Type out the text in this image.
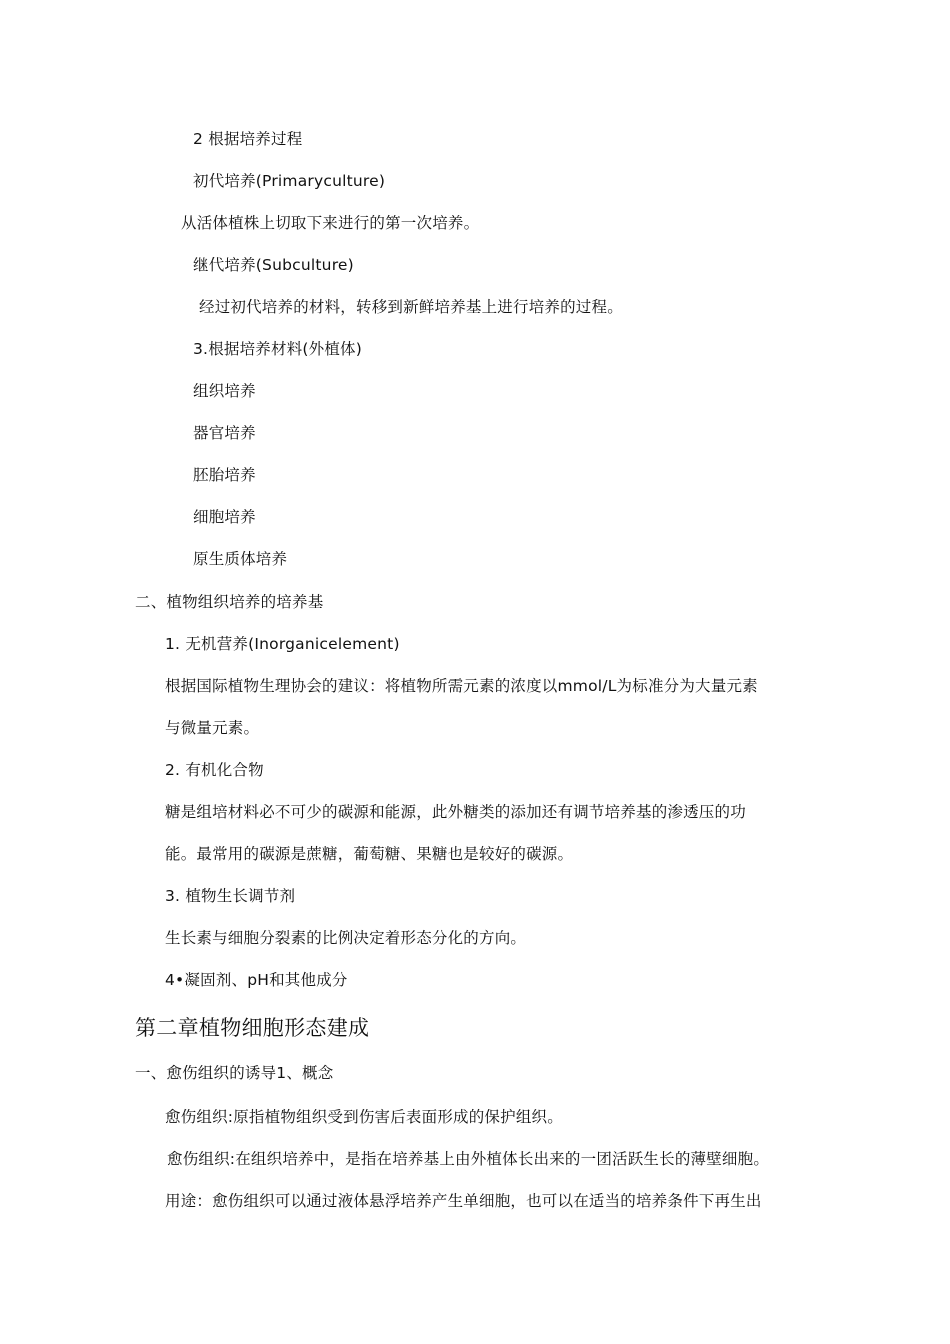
2 根据培养过程
初代培养(Primaryculture)
从活体植株上切取下来进行的第一次培养。
继代培养(Subculture)
经过初代培养的材料，转移到新鲜培养基上进行培养的过程。
3.根据培养材料(外植体)
组织培养
器官培养
胚胎培养
细胞培养
原生质体培养
二、植物组织培养的培养基
1. 无机营养(Inorganicelement)
根据国际植物生理协会的建议：将植物所需元素的浓度以mmol/L为标准分为大量元素
与微量元素。
2. 有机化合物
糖是组培材料必不可少的碳源和能源，此外糖类的添加还有调节培养基的渗透压的功
能。最常用的碳源是蔗糖，葡萄糖、果糖也是较好的碳源。
3. 植物生长调节剂
生长素与细胞分裂素的比例决定着形态分化的方向。
4•凝固剂、pH和其他成分
第二章植物细胞形态建成
一、愈伤组织的诱导1、概念
愈伤组织:原指植物组织受到伤害后表面形成的保护组织。
愈伤组织:在组织培养中，是指在培养基上由外植体长出来的一团活跃生长的薄壁细胞。
用途：愈伤组织可以通过液体悬浮培养产生单细胞，也可以在适当的培养条件下再生出
